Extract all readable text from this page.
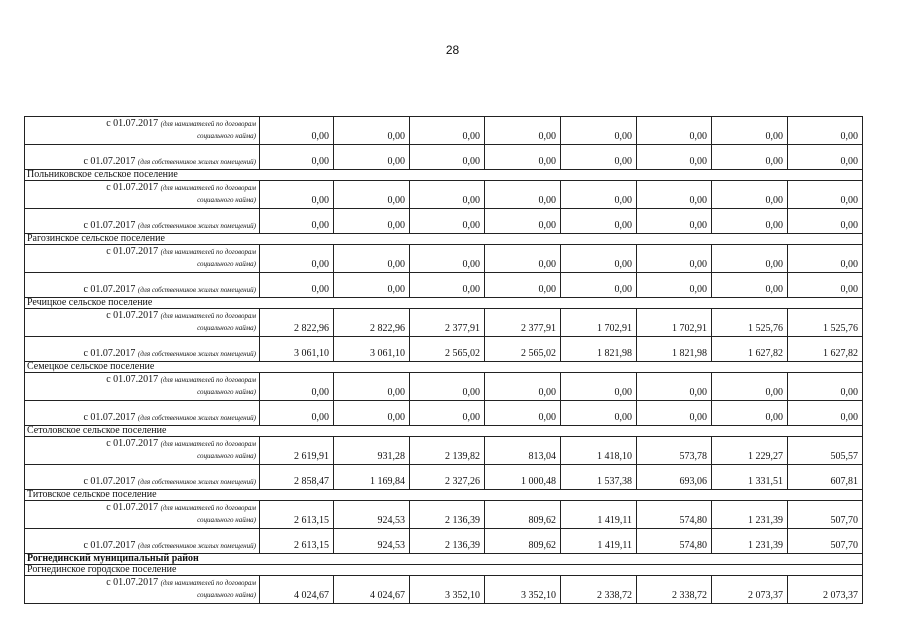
28
с 01.07.2017 (для нанимателей по договорам
социального найма)	0,00	0,00	0,00	0,00	0,00	0,00	0,00	0,00
с 01.07.2017 (для собственников жилых помещений)	0,00	0,00	0,00	0,00	0,00	0,00	0,00	0,00
Польниковское сельское поселение								

с 01.07.2017 (для нанимателей по договорам
социального найма)	0,00	0,00	0,00	0,00	0,00	0,00	0,00	0,00
с 01.07.2017 (для собственников жилых помещений)	0,00	0,00	0,00	0,00	0,00	0,00	0,00	0,00
Рагозинское сельское поселение								

с 01.07.2017 (для нанимателей по договорам
социального найма)	0,00	0,00	0,00	0,00	0,00	0,00	0,00	0,00
с 01.07.2017 (для собственников жилых помещений)	0,00	0,00	0,00	0,00	0,00	0,00	0,00	0,00
Речицкое сельское поселение								

с 01.07.2017 (для нанимателей по договорам
социального найма)	2 822,96	2 822,96	2 377,91	2 377,91	1 702,91	1 702,91	1 525,76	1 525,76
с 01.07.2017 (для собственников жилых помещений)	3 061,10	3 061,10	2 565,02	2 565,02	1 821,98	1 821,98	1 627,82	1 627,82
Семецкое сельское поселение								

с 01.07.2017 (для нанимателей по договорам
социального найма)	0,00	0,00	0,00	0,00	0,00	0,00	0,00	0,00
с 01.07.2017 (для собственников жилых помещений)	0,00	0,00	0,00	0,00	0,00	0,00	0,00	0,00
Сетоловское сельское поселение								

с 01.07.2017 (для нанимателей по договорам
социального найма)	2 619,91	931,28	2 139,82	813,04	1 418,10	573,78	1 229,27	505,57
с 01.07.2017 (для собственников жилых помещений)	2 858,47	1 169,84	2 327,26	1 000,48	1 537,38	693,06	1 331,51	607,81
Титовское сельское поселение								

с 01.07.2017 (для нанимателей по договорам
социального найма)	2 613,15	924,53	2 136,39	809,62	1 419,11	574,80	1 231,39	507,70
с 01.07.2017 (для собственников жилых помещений)	2 613,15	924,53	2 136,39	809,62	1 419,11	574,80	1 231,39	507,70
Рогнединский муниципальный район								
Рогнединское городское поселение								

с 01.07.2017 (для нанимателей по договорам
социального найма)	4 024,67	4 024,67	3 352,10	3 352,10	2 338,72	2 338,72	2 073,37	2 073,37
